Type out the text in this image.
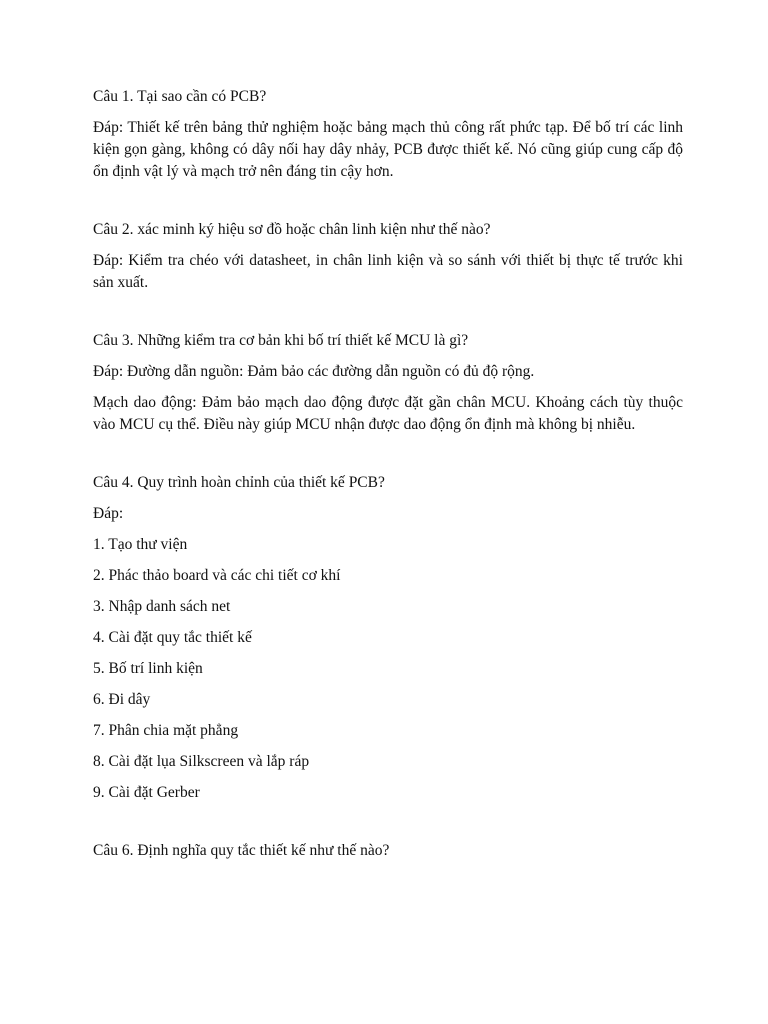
Câu 1. Tại sao cần có PCB?
Đáp: Thiết kế trên bảng thử nghiệm hoặc bảng mạch thủ công rất phức tạp. Để bố trí các linh kiện gọn gàng, không có dây nối hay dây nhảy, PCB được thiết kế. Nó cũng giúp cung cấp độ ổn định vật lý và mạch trở nên đáng tin cậy hơn.
Câu 2. xác minh ký hiệu sơ đồ hoặc chân linh kiện như thế nào?
Đáp: Kiểm tra chéo với datasheet, in chân linh kiện và so sánh với thiết bị thực tế trước khi sản xuất.
Câu 3. Những kiểm tra cơ bản khi bố trí thiết kế MCU là gì?
Đáp: Đường dẫn nguồn: Đảm bảo các đường dẫn nguồn có đủ độ rộng.
Mạch dao động: Đảm bảo mạch dao động được đặt gần chân MCU. Khoảng cách tùy thuộc vào MCU cụ thể. Điều này giúp MCU nhận được dao động ổn định mà không bị nhiễu.
Câu 4. Quy trình hoàn chỉnh của thiết kế PCB?
Đáp:
1. Tạo thư viện
2. Phác thảo board và các chi tiết cơ khí
3. Nhập danh sách net
4. Cài đặt quy tắc thiết kế
5. Bố trí linh kiện
6. Đi dây
7. Phân chia mặt phẳng
8. Cài đặt lụa Silkscreen và lắp ráp
9. Cài đặt Gerber
Câu 6. Định nghĩa quy tắc thiết kế như thế nào?
